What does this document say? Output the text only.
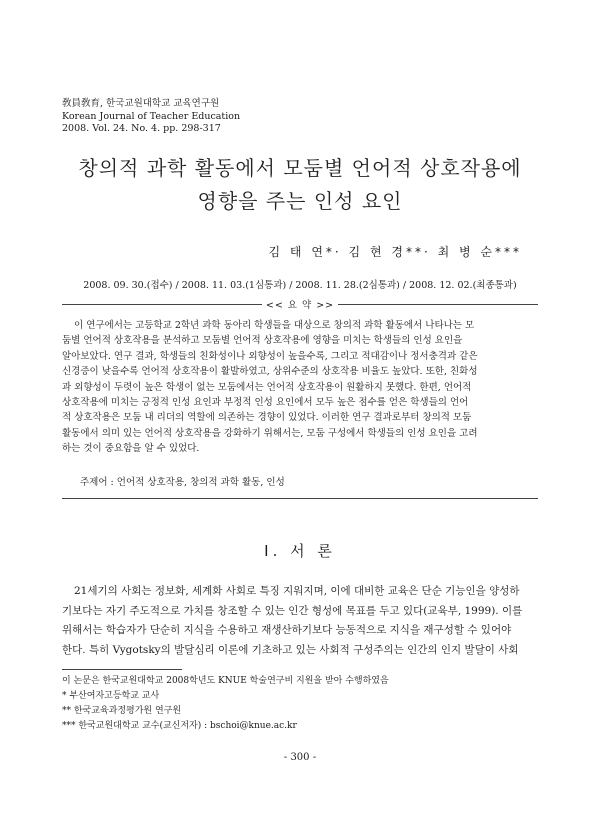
敎員敎育, 한국교원대학교 교육연구원
Korean Journal of Teacher Education
2008. Vol. 24. No. 4. pp. 298-317
창의적 과학 활동에서 모둠별 언어적 상호작용에
영향을 주는 인성 요인
김 태 연*· 김 현 경**· 최 병 순***
2008. 09. 30.(접수) / 2008. 11. 03.(1심통과) / 2008. 11. 28.(2심통과) / 2008. 12. 02.(최종통과)
<< 요 약 >>
이 연구에서는 고등학교 2학년 과학 동아리 학생들을 대상으로 창의적 과학 활동에서 나타나는 모
둠별 언어적 상호작용을 분석하고 모둠별 언어적 상호작용에 영향을 미치는 학생들의 인성 요인을
알아보았다. 연구 결과, 학생들의 친화성이나 외향성이 높을수록, 그리고 적대감이나 정서충격과 같은
신경증이 낮을수록 언어적 상호작용이 활발하였고, 상위수준의 상호작용 비율도 높았다. 또한, 친화성
과 외향성이 두렷이 높은 학생이 없는 모둠에서는 언어적 상호작용이 원활하지 못했다. 한편, 언어적
상호작용에 미치는 긍정적 인성 요인과 부정적 인성 요인에서 모두 높은 점수를 얻은 학생들의 언어
적 상호작용은 모둠 내 리더의 역할에 의존하는 경향이 있었다. 이러한 연구 결과로부터 창의적 모둠
활동에서 의미 있는 언어적 상호작용을 강화하기 위해서는, 모둠 구성에서 학생들의 인성 요인을 고려
하는 것이 중요함을 알 수 있었다.
주제어 : 언어적 상호작용, 창의적 과학 활동, 인성
Ⅰ. 서 론
21세기의 사회는 정보화, 세계화 사회로 특징 지워지며, 이에 대비한 교육은 단순 기능인을 양성하
기보다는 자기 주도적으로 가치를 창조할 수 있는 인간 형성에 목표를 두고 있다(교육부, 1999). 이를
위해서는 학습자가 단순히 지식을 수용하고 재생산하기보다 능동적으로 지식을 재구성할 수 있어야
한다. 특히 Vygotsky의 발달심리 이론에 기초하고 있는 사회적 구성주의는 인간의 인지 발달이 사회
이 논문은 한국교원대학교 2008학년도 KNUE 학술연구비 지원을 받아 수행하였음
* 부산여자고등학교 교사
** 한국교육과정평가원 연구원
*** 한국교원대학교 교수(교신저자) : bschoi@knue.ac.kr
- 300 -
